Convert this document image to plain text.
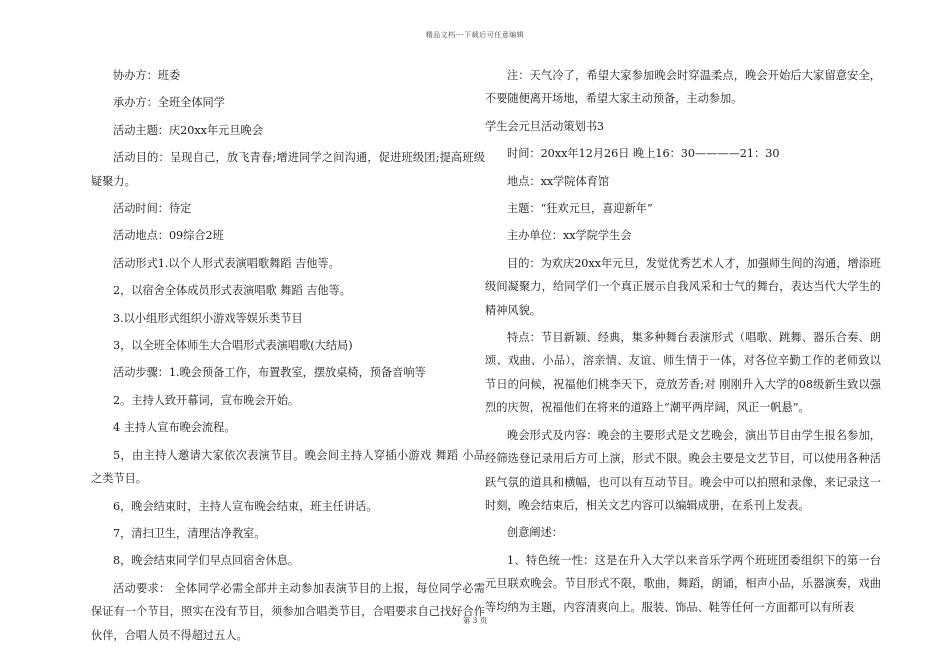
精品文档---下载后可任意编辑

协办方：班委

承办方：全班全体同学

活动主题：庆20xx年元旦晚会

活动目的：呈现自己，放飞青春;增进同学之间沟通，促进班级团;提高班级疑聚力。

活动时间：待定

活动地点：09综合2班

活动形式1.以个人形式表演唱歌舞蹈 吉他等。

2，以宿舍全体成员形式表演唱歌 舞蹈 吉他等。

3.以小组形式组织小游戏等娱乐类节目

3，以全班全体师生大合唱形式表演唱歌(大结局)

活动步骤：1.晚会预备工作，布置教室，摆放桌椅，预备音响等

2。主持人致开幕词，宣布晚会开始。

4 主持人宣布晚会流程。

5，由主持人邀请大家依次表演节目。晚会间主持人穿插小游戏 舞蹈 小品之类节目。

6，晚会结束时，主持人宣布晚会结束，班主任讲话。

7，清扫卫生，清理洁净教室。

8，晚会结束同学们早点回宿舍休息。

活动要求： 全体同学必需全部并主动参加表演节目的上报，每位同学必需保证有一个节目，照实在没有节目，须参加合唱类节目，合唱要求自己找好合作伙伴，合唱人员不得超过五人。

注：天气冷了，希望大家参加晚会时穿温柔点，晚会开始后大家留意安全，不要随便离开场地，希望大家主动预备，主动参加。

学生会元旦活动策划书3

时间：20xx年12月26日 晚上16：30————21：30

地点：xx学院体育馆

主题：“狂欢元旦，喜迎新年”

主办单位：xx学院学生会

目的：为欢庆20xx年元旦，发觉优秀艺术人才，加强师生间的沟通，增添班级间凝聚力，给同学们一个真正展示自我风采和士气的舞台，表达当代大学生的精神风貌。

特点：节目新颖、经典，集多种舞台表演形式（唱歌、跳舞、器乐合奏、朗颂、戏曲、小品），溶亲情、友谊、师生情于一体，对各位辛勤工作的老师致以节日的问候，祝福他们桃李天下，竞放芳香;对 刚刚升入大学的08级新生致以强烈的庆贺，祝福他们在将来的道路上“潮平两岸阔，风正一帆悬”。

晚会形式及内容：晚会的主要形式是文艺晚会，演出节目由学生报名参加，经筛选登记录用后方可上演，形式不限。晚会主要是文艺节目，可以使用各种活跃气氛的道具和横幅，也可以有互动节目。晚会中可以拍照和录像，来记录这一时刻，晚会结束后，相关文艺内容可以编辑成册，在系刊上发表。

创意阐述：

1、特色统一性：这是在升入大学以来音乐学两个班班团委组织下的第一台元旦联欢晚会。节目形式不限，歌曲，舞蹈，朗诵，相声小品，乐器演奏，戏曲等均纳为主题，内容清爽向上。服装、饰品、鞋等任何一方面都可以有所表

第 3 页
